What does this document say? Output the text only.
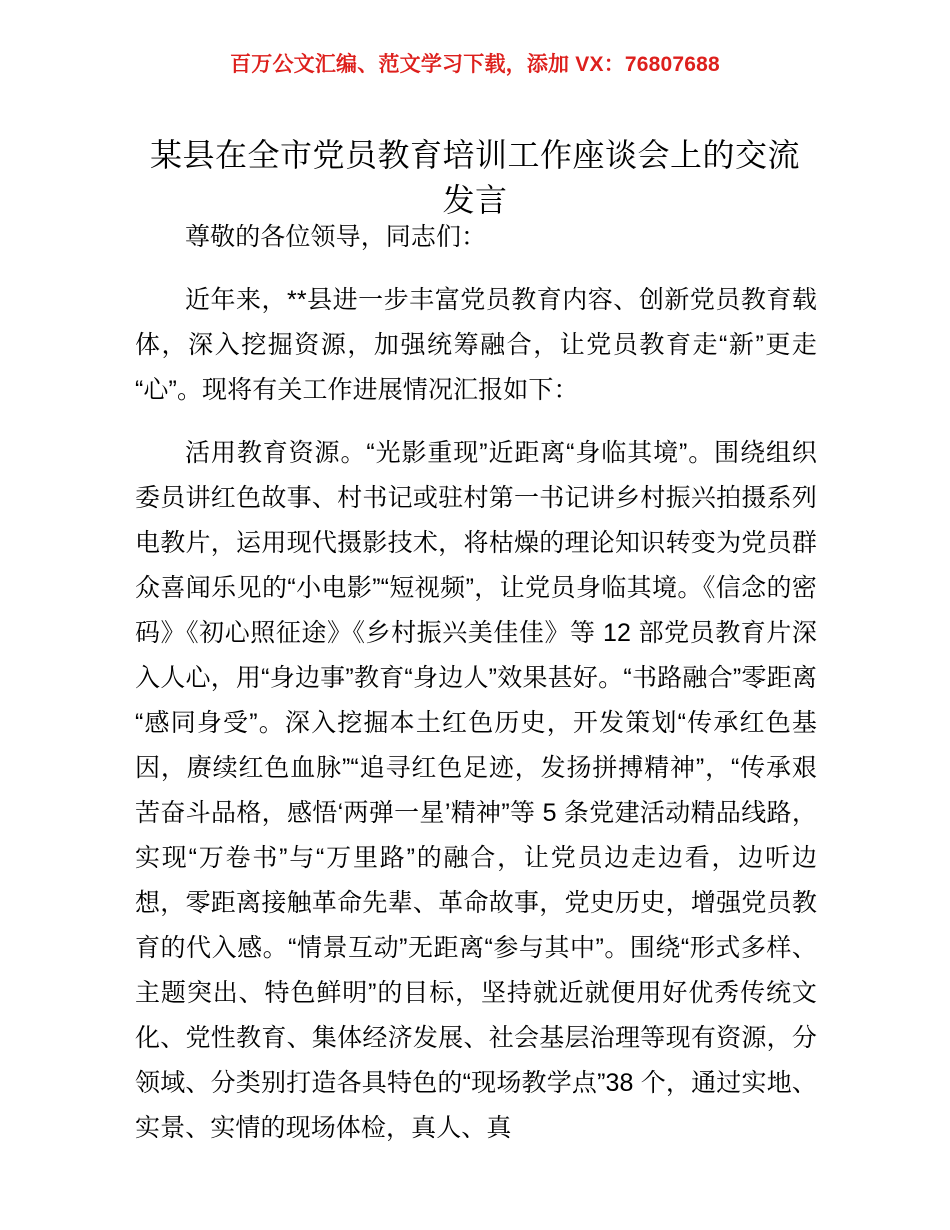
百万公文汇编、范文学习下载，添加 VX：76807688
某县在全市党员教育培训工作座谈会上的交流发言

尊敬的各位领导，同志们：

近年来，**县进一步丰富党员教育内容、创新党员教育载体，深入挖掘资源，加强统筹融合，让党员教育走“新”更走“心”。现将有关工作进展情况汇报如下：

活用教育资源。“光影重现”近距离“身临其境”。围绕组织委员讲红色故事、村书记或驻村第一书记讲乡村振兴拍摄系列电教片，运用现代摄影技术，将枯燥的理论知识转变为党员群众喜闻乐见的“小电影”“短视频”，让党员身临其境。《信念的密码》《初心照征途》《乡村振兴美佳佳》等 12 部党员教育片深入人心，用“身边事”教育“身边人”效果甚好。“书路融合”零距离“感同身受”。深入挖掘本土红色历史，开发策划“传承红色基因，赓续红色血脉”“追寻红色足迹，发扬拼搏精神”，“传承艰苦奋斗品格，感悟‘两弹一星’精神”等 5 条党建活动精品线路，实现“万卷书”与“万里路”的融合，让党员边走边看，边听边想，零距离接触革命先辈、革命故事，党史历史，增强党员教育的代入感。“情景互动”无距离“参与其中”。围绕“形式多样、主题突出、特色鲜明”的目标，坚持就近就便用好优秀传统文化、党性教育、集体经济发展、社会基层治理等现有资源，分领域、分类别打造各具特色的“现场教学点”38 个，通过实地、实景、实情的现场体检，真人、真
